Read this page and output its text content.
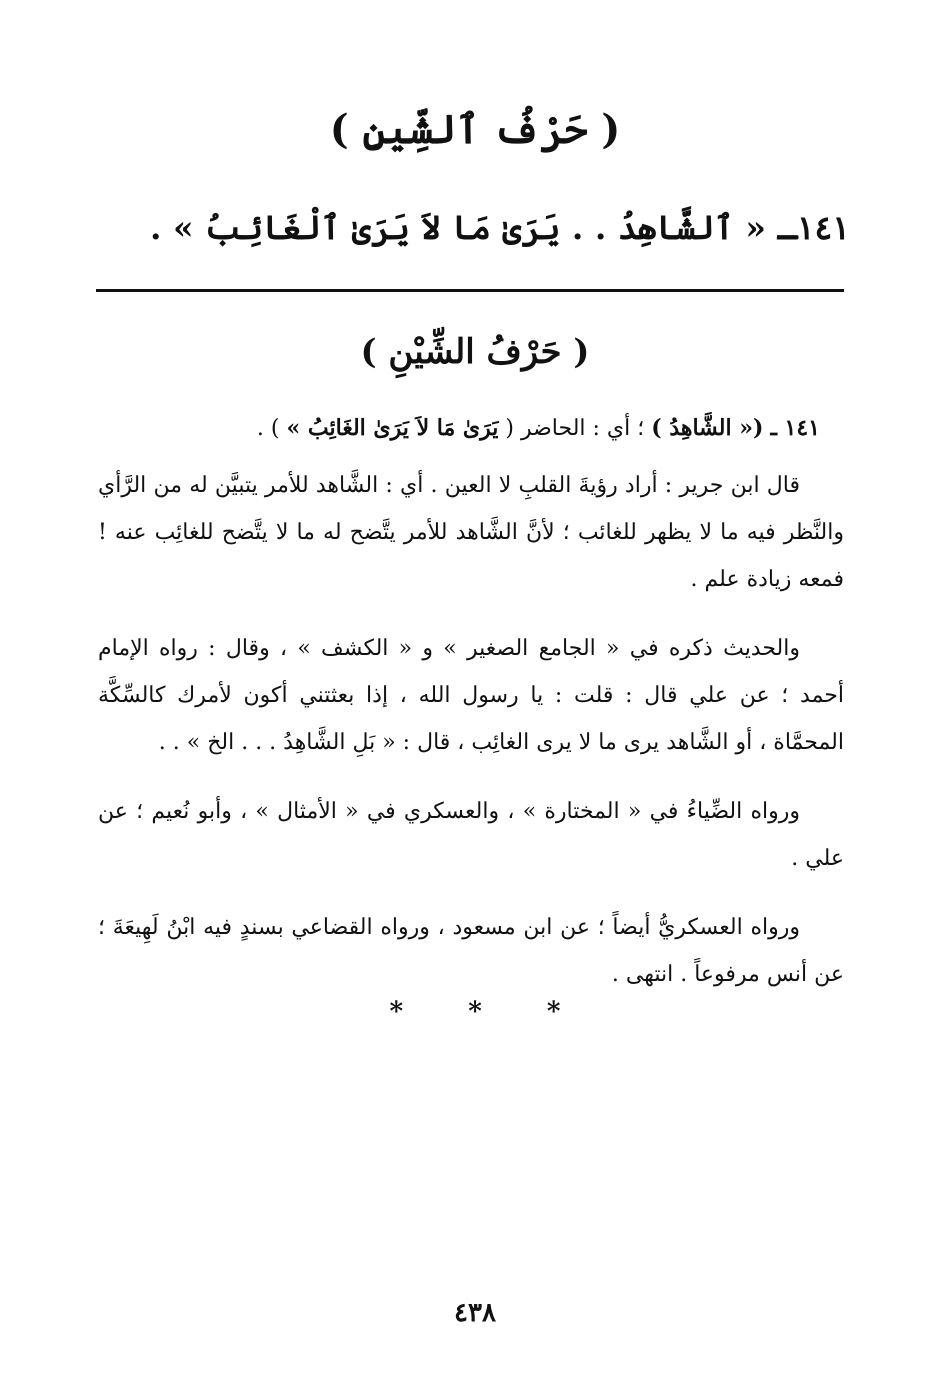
( حَرْفُ ٱلشِّينِ )
١٤١ـ « ٱلشَّاهِدُ . . يَرَىٰ مَا لاَ يَرَىٰ ٱلْغَائِبُ » .
( حَرْفُ الشِّيْنِ )

١٤١ ـ (« الشَّاهِدُ ) ؛ أي : الحاضر ( يَرَىٰ مَا لاَ يَرَىٰ الغَائِبُ » ) .

قال ابن جرير : أراد رؤيةَ القلبِ لا العين . أي : الشَّاهد للأمر يتبيَّن له من الرَّأي والنَّظر فيه ما لا يظهر للغائب ؛ لأنَّ الشَّاهد للأمر يتَّضح له ما لا يتَّضح للغائِب عنه ! فمعه زيادة علم .

والحديث ذكره في « الجامع الصغير » و « الكشف » ، وقال : رواه الإمام أحمد ؛ عن علي قال : قلت : يا رسول الله ، إذا بعثتني أكون لأمرك كالسِّكَّة المحمَّاة ، أو الشَّاهد يرى ما لا يرى الغائِب ، قال : « بَلِ الشَّاهِدُ . . . الخ » . .

ورواه الضِّياءُ في « المختارة » ، والعسكري في « الأمثال » ، وأبو نُعيم ؛ عن علي .

ورواه العسكريُّ أيضاً ؛ عن ابن مسعود ، ورواه القضاعي بسندٍ فيه ابْنُ لَهِيعَةَ ؛ عن أنس مرفوعاً . انتهى .

* * *
٤٣٨
